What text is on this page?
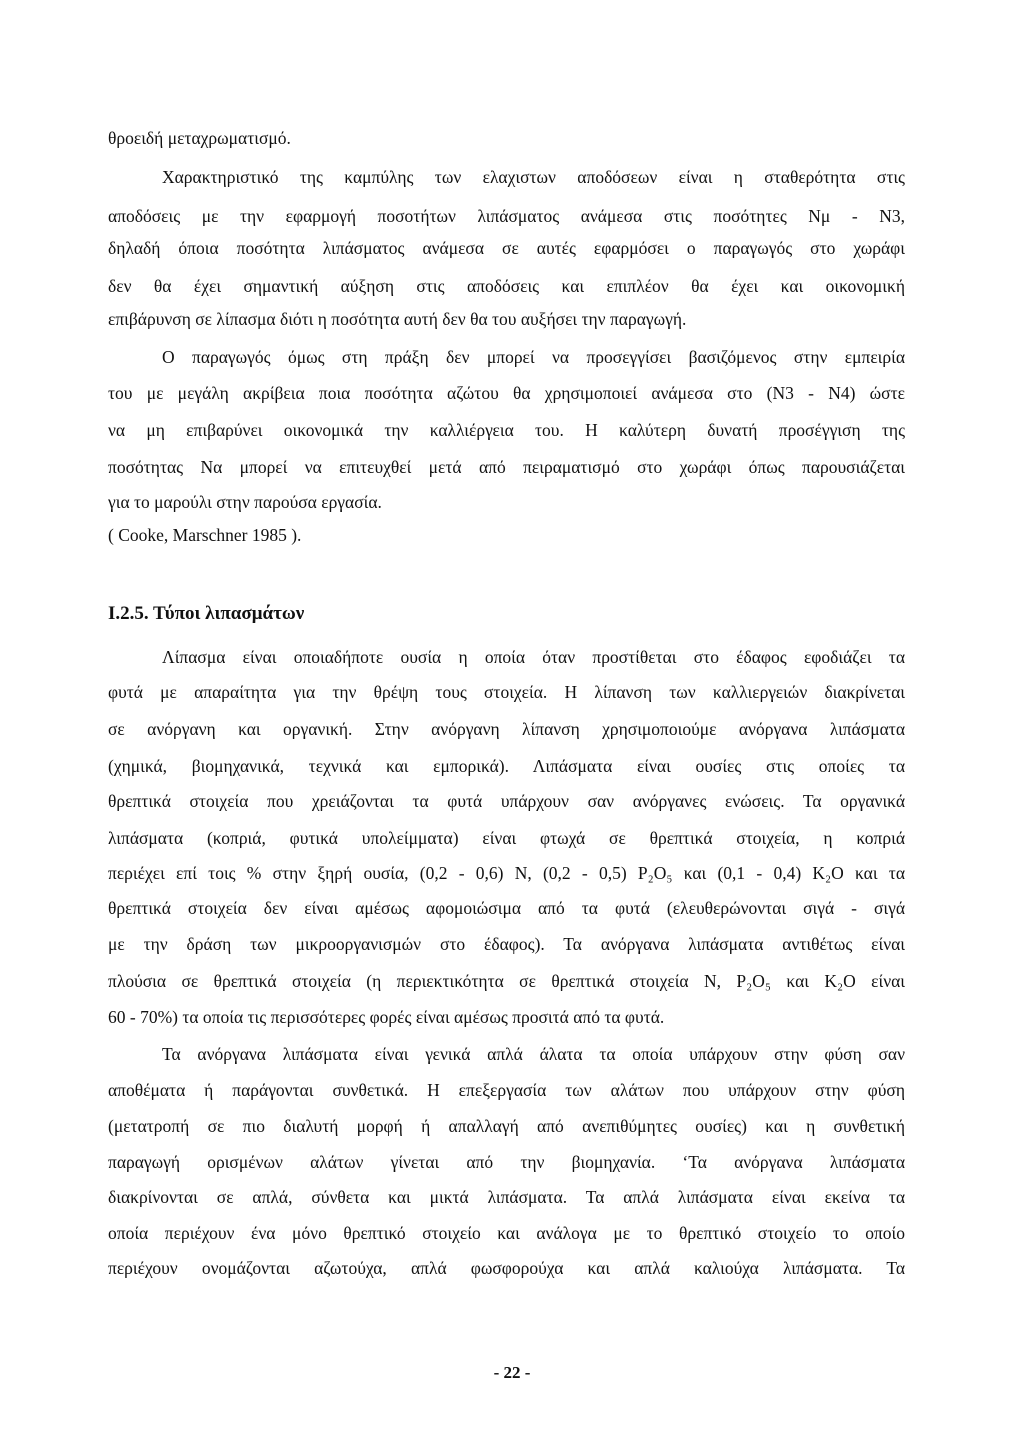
θροειδή μεταχρωματισμό.
Χαρακτηριστικό της καμπύλης των ελαχιστων αποδόσεων είναι η σταθερότητα στις
αποδόσεις με την εφαρμογή ποσοτήτων λιπάσματος ανάμεσα στις ποσότητες Νμ - Ν3,
δηλαδή όποια ποσότητα λιπάσματος ανάμεσα σε αυτές εφαρμόσει ο παραγωγός στο χωράφι
δεν θα έχει σημαντική αύξηση στις αποδόσεις και επιπλέον θα έχει και οικονομική
επιβάρυνση σε λίπασμα διότι η ποσότητα αυτή δεν θα του αυξήσει την παραγωγή.
Ο παραγωγός όμως στη πράξη δεν μπορεί να προσεγγίσει βασιζόμενος στην εμπειρία
του με μεγάλη ακρίβεια ποια ποσότητα αζώτου θα χρησιμοποιεί ανάμεσα στο (Ν3 - Ν4) ώστε
να μη επιβαρύνει οικονομικά την καλλιέργεια του. Η καλύτερη δυνατή προσέγγιση της
ποσότητας Να μπορεί να επιτευχθεί μετά από πειραματισμό στο χωράφι όπως παρουσιάζεται
για το μαρούλι στην παρούσα εργασία.
( Cooke, Marschner 1985 ).
Ι.2.5. Τύποι λιπασμάτων
Λίπασμα είναι οποιαδήποτε ουσία η οποία όταν προστίθεται στο έδαφος εφοδιάζει τα
φυτά με απαραίτητα για την θρέψη τους στοιχεία. Η λίπανση των καλλιεργειών διακρίνεται
σε ανόργανη και οργανική. Στην ανόργανη λίπανση χρησιμοποιούμε ανόργανα λιπάσματα
(χημικά, βιομηχανικά, τεχνικά και εμπορικά). Λιπάσματα είναι ουσίες στις οποίες τα
θρεπτικά στοιχεία που χρειάζονται τα φυτά υπάρχουν σαν ανόργανες ενώσεις. Τα οργανικά
λιπάσματα (κοπριά, φυτικά υπολείμματα) είναι φτωχά σε θρεπτικά στοιχεία, η κοπριά
περιέχει επί τοις % στην ξηρή ουσία, (0,2 - 0,6) Ν, (0,2 - 0,5) P₂O₅ και (0,1 - 0,4) K₂O και τα
θρεπτικά στοιχεία δεν είναι αμέσως αφομοιώσιμα από τα φυτά (ελευθερώνονται σιγά - σιγά
με την δράση των μικροοργανισμών στο έδαφος). Τα ανόργανα λιπάσματα αντιθέτως είναι
πλούσια σε θρεπτικά στοιχεία (η περιεκτικότητα σε θρεπτικά στοιχεία Ν, P₂O₅ και K₂O είναι
60 - 70%) τα οποία τις περισσότερες φορές είναι αμέσως προσιτά από τα φυτά.
Τα ανόργανα λιπάσματα είναι γενικά απλά άλατα τα οποία υπάρχουν στην φύση σαν
αποθέματα ή παράγονται συνθετικά. Η επεξεργασία των αλάτων που υπάρχουν στην φύση
(μετατροπή σε πιο διαλυτή μορφή ή απαλλαγή από ανεπιθύμητες ουσίες) και η συνθετική
παραγωγή ορισμένων αλάτων γίνεται από την βιομηχανία. ‘Τα ανόργανα λιπάσματα
διακρίνονται σε απλά, σύνθετα και μικτά λιπάσματα. Τα απλά λιπάσματα είναι εκείνα τα
οποία περιέχουν ένα μόνο θρεπτικό στοιχείο και ανάλογα με το θρεπτικό στοιχείο το οποίο
περιέχουν ονομάζονται αζωτούχα, απλά φωσφορούχα και απλά καλιούχα λιπάσματα. Τα
- 22 -
